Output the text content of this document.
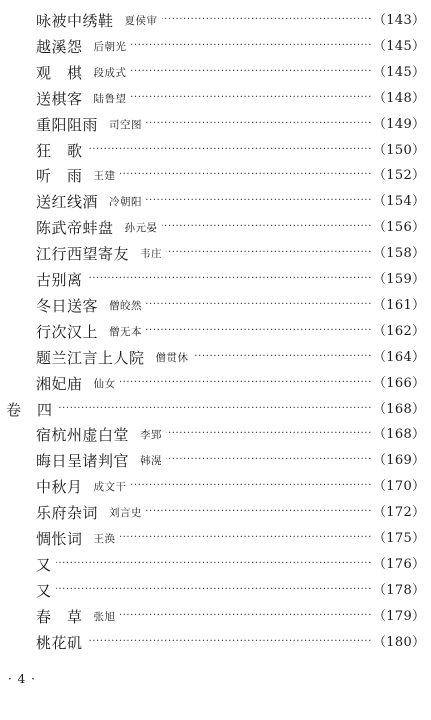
咏被中绣鞋 夏侯审 ·····	（143）
越溪怨 后朝光 ·····	（145）
观　棋 段成式 ·····	（145）
送棋客 陆鲁望 ·····	（148）
重阳阻雨 司空图 ·····	（149）
狂　歌 ·····	（150）
听　雨 王建 ·····	（152）
送红线酒 冷朝阳 ·····	（154）
陈武帝蚌盘 孙元晏 ·····	（156）
江行西望寄友 韦庄 ·····	（158）
古别离 ·····	（159）
冬日送客 僧皎然 ·····	（161）
行次汉上 僧无本 ·····	（162）
题兰江言上人院 僧贯休 ·····	（164）
湘妃庙 仙女 ·····	（166）
卷　四 ·····	（168）
宿杭州虚白堂 李郢 ·····	（168）
晦日呈诸判官 韩滉 ·····	（169）
中秋月 成文干 ·····	（170）
乐府杂词 刘言史 ·····	（172）
惆怅词 王涣 ·····	（175）
又 ·····	（176）
又 ·····	（178）
春　草 张旭 ·····	（179）
桃花矶 ·····	（180）
· 4 ·
